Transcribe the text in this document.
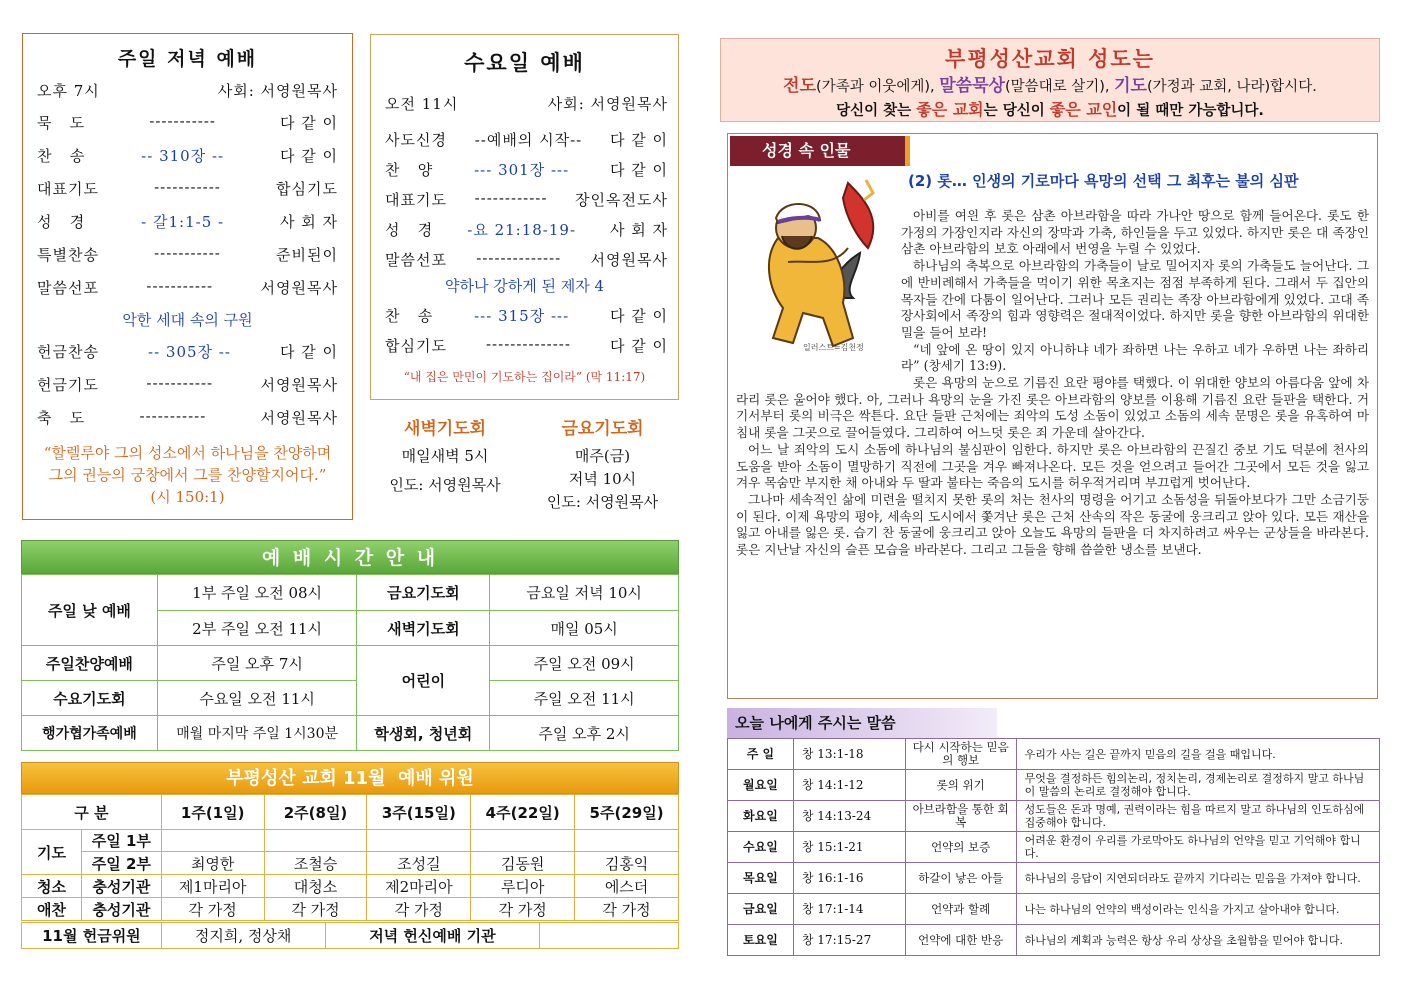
주일 저녁 예배
오후 7시	사회: 서영원목사
묵   도	-----------	다 같 이
찬   송	-- 310장 --	다 같 이
대표기도	-----------	합심기도
성   경	- 갈1:1-5 -	사 회 자
특별찬송	-----------	준비된이
말씀선포	-----------	서영원목사
악한 세대 속의 구원
헌금찬송	-- 305장 --	다 같 이
헌금기도	-----------	서영원목사
축   도	-----------	서영원목사
“할렐루야 그의 성소에서 하나님을 찬양하며 그의 권능의 궁창에서 그를 찬양할지어다.” (시 150:1)
수요일 예배
오전 11시	사회: 서영원목사
사도신경 --예배의 시작-- 다 같 이
찬   양	--- 301장 ---	다 같 이
대표기도 ------------ 장인옥전도사
성   경 -요 21:18-19- 사 회 자
말씀선포 -------------- 서영원목사
약하나 강하게 된 제자 4
찬   송	--- 315장 ---	다 같 이
합심기도	--------------	다 같 이
“내 집은 만민이 기도하는 집이라” (막 11:17)
새벽기도회
매일새벽 5시
인도: 서영원목사
금요기도회
매주(금)
저녁 10시
인도: 서영원목사
예 배 시 간 안 내
주일 낮 예배	1부 주일 오전 08시	금요기도회	금요일 저녁 10시
	2부 주일 오전 11시	새벽기도회	매일 05시
주일찬양예배	주일 오후 7시	어린이	주일 오전 09시
수요기도회	수요일 오전 11시		주일 오전 11시
행가협가족예배	매월 마지막 주일 1시30분	학생회, 청년회	주일 오후 2시
부평성산 교회 11월  예배 위원
구 분		1주(1일)	2주(8일)	3주(15일)	4주(22일)	5주(29일)
기도	주일 1부					
	주일 2부	최영한	조철승	조성길	김동원	김홍익
청소	충성기관	제1마리아	대청소	제2마리아	루디아	에스더
애찬	충성기관	각 가정	각 가정	각 가정	각 가정	각 가정
11월 헌금위원	정지희, 정상채	저녁 헌신예배 기관	
부평성산교회 성도는
전도(가족과 이웃에게), 말씀묵상(말씀대로 살기), 기도(가정과 교회, 나라)합시다.
당신이 찾는 좋은 교회는 당신이 좋은 교인이 될 때만 가능합니다.
성경 속 인물
(2) 롯… 인생의 기로마다 욕망의 선택 그 최후는 불의 심판
일러스트=김천정

아비를 여읜 후 롯은 삼촌 아브라함을 따라 가나안 땅으로 함께 들어온다. 롯도 한 가정의 가장인지라 자신의 장막과 가축, 하인들을 두고 있었다. 하지만 롯은 대 족장인 삼촌 아브라함의 보호 아래에서 번영을 누릴 수 있었다.

하나님의 축복으로 아브라함의 가축들이 날로 밀어지자 롯의 가축들도 늘어난다. 그에 반비례해서 가축들을 먹이기 위한 목초지는 점점 부족하게 된다. 그래서 두 집안의 목자들 간에 다툼이 일어난다. 그러나 모든 권리는 족장 아브라함에게 있었다. 고대 족장사회에서 족장의 힘과 영향력은 절대적이었다. 하지만 롯을 향한 아브라함의 위대한 밀을 들어 보라!

“네 앞에 온 땅이 있지 아니하냐 네가 좌하면 나는 우하고 네가 우하면 나는 좌하리라” (창세기 13:9).

롯은 욕망의 눈으로 기름진 요란 평야를 택했다. 이 위대한 양보의 아름다움 앞에 차라리 롯은 울어야 했다. 아, 그러나 욕망의 눈을 가진 롯은 아브라함의 양보를 이용해 기름진 요란 들판을 택한다. 거기서부터 롯의 비극은 싹튼다. 요단 들판 근처에는 죄악의 도성 소돔이 있었고 소돔의 세속 문명은 롯을 유혹하여 마침내 롯을 그곳으로 끌어들였다. 그리하여 어느덧 롯은 죄 가운데 살아간다.

어느 날 죄악의 도시 소돔에 하나님의 불심판이 임한다. 하지만 롯은 아브라함의 끈질긴 중보 기도 덕분에 천사의 도움을 받아 소돔이 멸망하기 직전에 그곳을 겨우 빠져나온다. 모든 것을 얻으려고 들어간 그곳에서 모든 것을 잃고 겨우 목숨만 부지한 채 아내와 두 딸과 불타는 죽음의 도시를 허우적거리며 부끄럽게 벗어난다.

그나마 세속적인 삶에 미련을 떨치지 못한 롯의 처는 천사의 명령을 어기고 소돔성을 뒤돌아보다가 그만 소금기둥이 된다. 이제 욕망의 평야, 세속의 도시에서 쫓겨난 롯은 근처 산속의 작은 동굴에 웅크리고 앉아 있다. 모든 재산을 잃고 아내를 잃은 롯. 습기 찬 동굴에 웅크리고 앉아 오늘도 욕망의 들판을 더 차지하려고 싸우는 군상들을 바라본다. 롯은 지난날 자신의 슬픈 모습을 바라본다. 그리고 그들을 향해 씁쓸한 냉소를 보낸다.

오늘 나에게 주시는 말씀
주 일	창 13:1-18	다시 시작하는 믿음의 행보	우리가 사는 길은 끝까지 믿음의 길을 걸을 때입니다.
월요일	창 14:1-12	롯의 위기	무엇을 결정하든 힘의논리, 정치논리, 경제논리로 결정하지 말고 하나님이 말씀의 논리로 결정해야 합니다.
화요일	창 14:13-24	아브라함을 통한 회복	성도들은 돈과 명예, 권력이라는 힘을 따르지 말고 하나님의 인도하심에 집중해야 합니다.
수요일	창 15:1-21	언약의 보증	어려운 환경이 우리를 가로막아도 하나님의 언약을 믿고 기억해야 합니다.
목요일	창 16:1-16	하갈이 낳은 아들	하나님의 응답이 지연되더라도 끝까지 기다리는 믿음을 가져야 합니다.
금요일	창 17:1-14	언약과 할례	나는 하나님의 언약의 백성이라는 인식을 가지고 살아내야 합니다.
토요일	창 17:15-27	언약에 대한 반응	하나님의 계획과 능력은 항상 우리 상상을 초월함을 믿어야 합니다.
